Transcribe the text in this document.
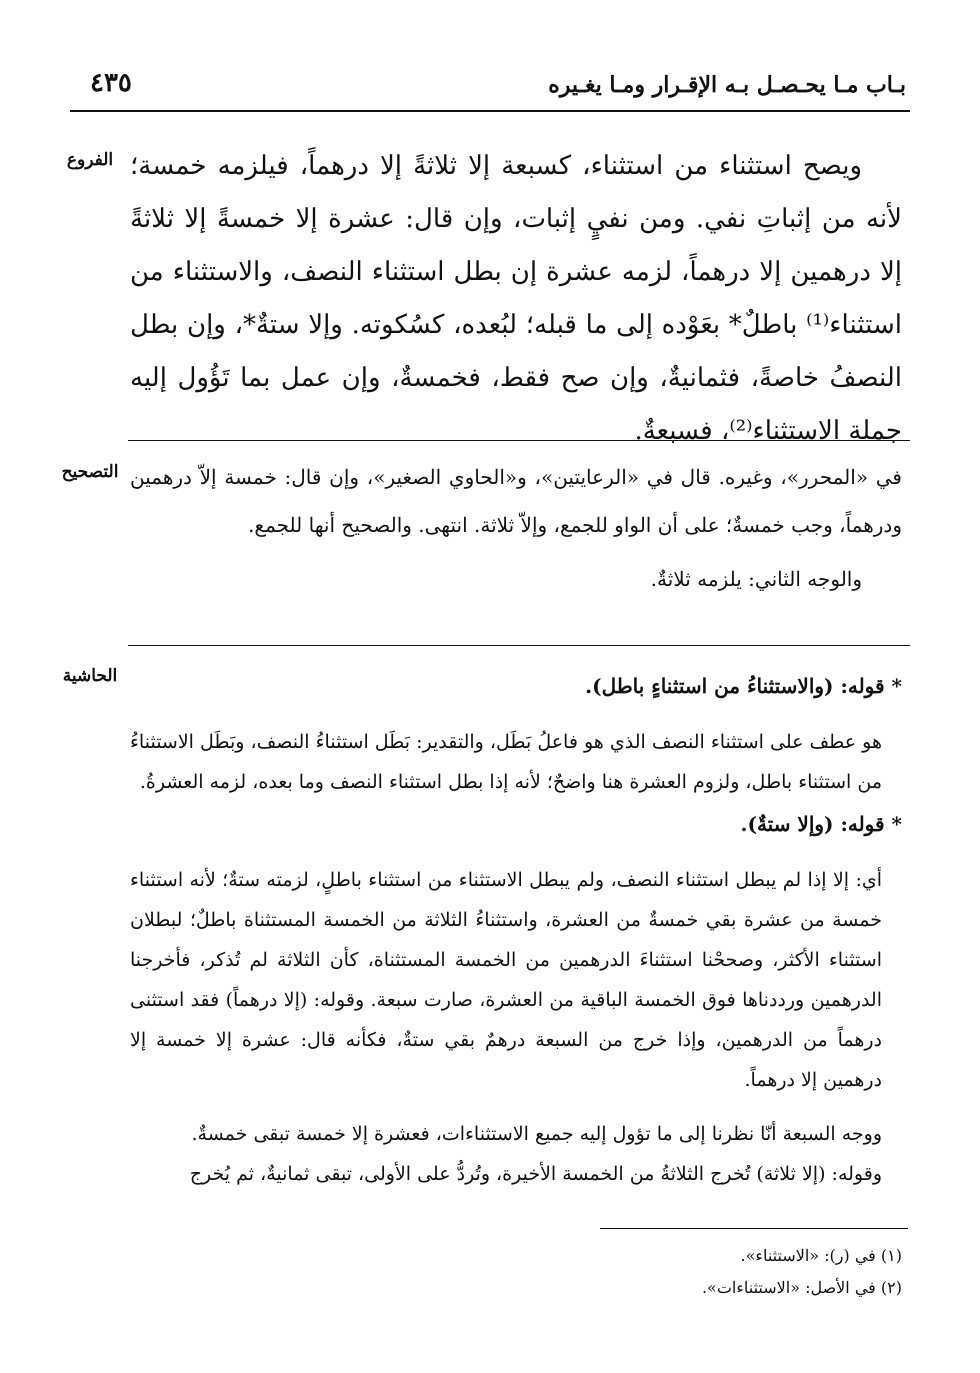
بـاب مـا يحـصـل بـه الإقـرار ومـا يغـيره
٤٣٥
الفروع ويصح استثناء من استثناء، كسبعة إلا ثلاثةً إلا درهماً، فيلزمه خمسة؛ لأنه من إثباتِ نفي. ومن نفيٍ إثبات، وإن قال: عشرة إلا خمسةً إلا ثلاثةً إلا درهمين إلا درهماً، لزمه عشرة إن بطل استثناء النصف، والاستثناء من استثناء⁽¹⁾ باطلٌ* بعَوْده إلى ما قبله؛ لبُعده، كسُكوته. وإلا ستةٌ*، وإن بطل النصفُ خاصةً، فثمانيةٌ، وإن صح فقط، فخمسةٌ، وإن عمل بما تَؤُول إليه جملة الاستثناء⁽²⁾، فسبعةٌ.

التصحيح في «المحرر»، وغيره. قال في «الرعايتين»، و«الحاوي الصغير»، وإن قال: خمسة إلاّ درهمين ودرهماً، وجب خمسةٌ؛ على أن الواو للجمع، وإلاّ ثلاثة. انتهى. والصحيح أنها للجمع.

والوجه الثاني: يلزمه ثلاثةٌ.

الحاشية	* قوله: (والاستثناءُ من استثناءٍ باطل).

هو عطف على استثناء النصف الذي هو فاعلُ بَطَل، والتقدير: بَطَل استثناءُ النصف، وبَطَل الاستثناءُ من استثناء باطل، ولزوم العشرة هنا واضحٌ؛ لأنه إذا بطل استثناء النصف وما بعده، لزمه العشرةُ.

* قوله: (وإلا ستةٌ).

أي: إلا إذا لم يبطل استثناء النصف، ولم يبطل الاستثناء من استثناء باطلٍ، لزمته ستةٌ؛ لأنه استثناء خمسة من عشرة بقي خمسةٌ من العشرة، واستثناءُ الثلاثة من الخمسة المستثناة باطلٌ؛ لبطلان استثناء الأكثر، وصححْنا استثناءَ الدرهمين من الخمسة المستثناة، كأن الثلاثة لم تُذكر، فأخرجنا الدرهمين ورددناها فوق الخمسة الباقية من العشرة، صارت سبعة. وقوله: (إلا درهماً) فقد استثنى درهماً من الدرهمين، وإذا خرج من السبعة درهمٌ بقي ستةٌ، فكأنه قال: عشرة إلا خمسة إلا درهمين إلا درهماً.

ووجه السبعة أنّا نظرنا إلى ما تؤول إليه جميع الاستثناءات، فعشرة إلا خمسة تبقى خمسةٌ.

وقوله: (إلا ثلاثة) تُخرج الثلاثةُ من الخمسة الأخيرة، وتُردُّ على الأولى، تبقى ثمانيةٌ، ثم يُخرج

(١) في (ر): «الاستثناء».

(٢) في الأصل: «الاستثناءات».
